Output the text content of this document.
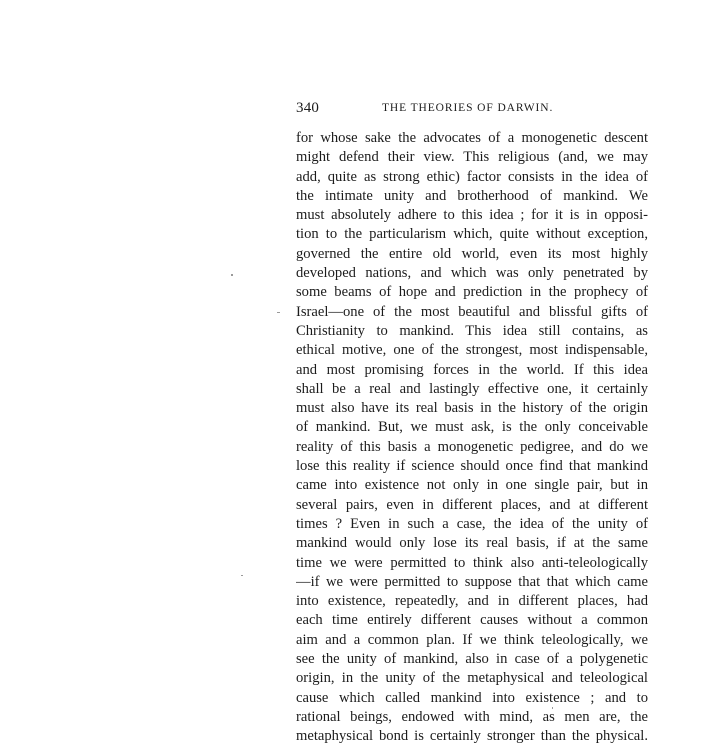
340	THE THEORIES OF DARWIN.
for whose sake the advocates of a monogenetic descent
might defend their view. This religious (and, we may
add, quite as strong ethic) factor consists in the idea of
the intimate unity and brotherhood of mankind. We
must absolutely adhere to this idea ; for it is in opposi-
tion to the particularism which, quite without exception,
governed the entire old world, even its most highly
developed nations, and which was only penetrated by
some beams of hope and prediction in the prophecy of
Israel—one of the most beautiful and blissful gifts of
Christianity to mankind. This idea still contains, as
ethical motive, one of the strongest, most indispensable,
and most promising forces in the world. If this idea
shall be a real and lastingly effective one, it certainly
must also have its real basis in the history of the origin
of mankind. But, we must ask, is the only conceivable
reality of this basis a monogenetic pedigree, and do we
lose this reality if science should once find that mankind
came into existence not only in one single pair, but in
several pairs, even in different places, and at different
times ? Even in such a case, the idea of the unity of
mankind would only lose its real basis, if at the same
time we were permitted to think also anti-teleologically
—if we were permitted to suppose that that which came
into existence, repeatedly, and in different places, had
each time entirely different causes without a common
aim and a common plan. If we think teleologically, we
see the unity of mankind, also in case of a polygenetic
origin, in the unity of the metaphysical and teleological
cause which called mankind into existence ; and to
rational beings, endowed with mind, as men are, the
metaphysical bond is certainly stronger than the physical.
